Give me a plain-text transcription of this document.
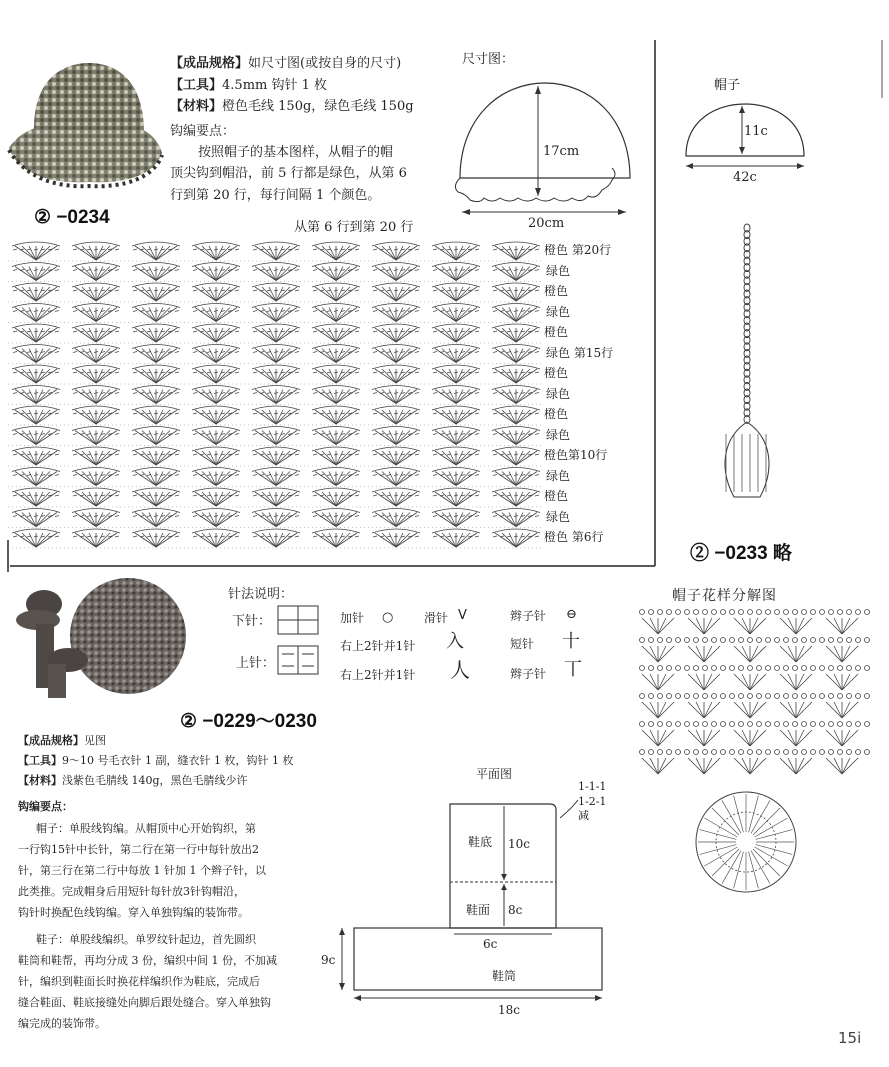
【成品规格】如尺寸图(或按自身的尺寸)
【工具】4.5mm 钩针 1 枚
【材料】橙色毛线 150g，绿色毛线 150g
钩编要点：
按照帽子的基本图样，从帽子的帽
顶尖钩到帽沿，前 5 行都是绿色，从第 6
行到第 20 行，每行间隔 1 个颜色。
② −0234
尺寸图：
17cm
20cm
从第 6 行到第 20 行
橙色 第20行
绿色
橙色
绿色
橙色
绿色 第15行
橙色
绿色
橙色
绿色
橙色第10行
绿色
橙色
绿色
橙色 第6行
帽子
11c
42c
② −0233 略
② −0229～0230
针法说明：
下针：
上针：
加针 ○	滑针 V	辫子针 ⊖
右上2针并1针 入	短针 十
右上2针并1针 人	辫子针 丅
帽子花样分解图
【成品规格】见图
【工具】9～10 号毛衣针 1 副，缝衣针 1 枚，钩针 1 枚
【材料】浅紫色毛腈线 140g，黑色毛腈线少许
钩编要点：
帽子：单股线钩编。从帽顶中心开始钩织，第
一行钩15针中长针，第二行在第一行中每针放出2
针，第三行在第二行中每放 1 针加 1 个辫子针，以
此类推。完成帽身后用短针每针放3针钩帽沿，
钩针时换配色线钩编。穿入单独钩编的装饰带。
鞋子：单股线编织。单罗纹针起边，首先圆织
鞋筒和鞋帮，再均分成 3 份，编织中间 1 份，不加减
针，编织到鞋面长时换花样编织作为鞋底，完成后
缝合鞋面、鞋底接缝处向脚后跟处缝合。穿入单独钩
编完成的装饰带。
平面图
1-1-1
1-2-1
减
鞋底 10c
鞋面 8c
6c
9c
鞋筒
18c
15i
